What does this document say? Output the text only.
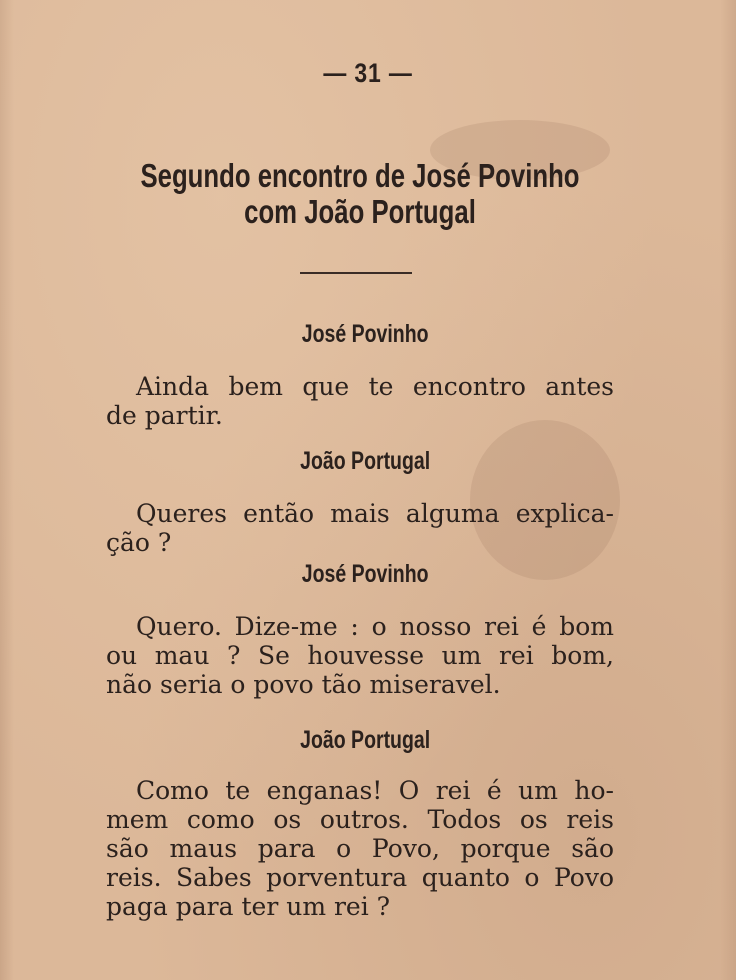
— 31 —
Segundo encontro de José Povinho
com João Portugal
José Povinho
Ainda bem que te encontro antes
de partir.
João Portugal
Queres então mais alguma explica-
ção ?
José Povinho
Quero. Dize-me : o nosso rei é bom
ou mau ? Se houvesse um rei bom,
não seria o povo tão miseravel.
João Portugal
Como te enganas! O rei é um ho-
mem como os outros. Todos os reis
são maus para o Povo, porque são
reis. Sabes porventura quanto o Povo
paga para ter um rei ?
